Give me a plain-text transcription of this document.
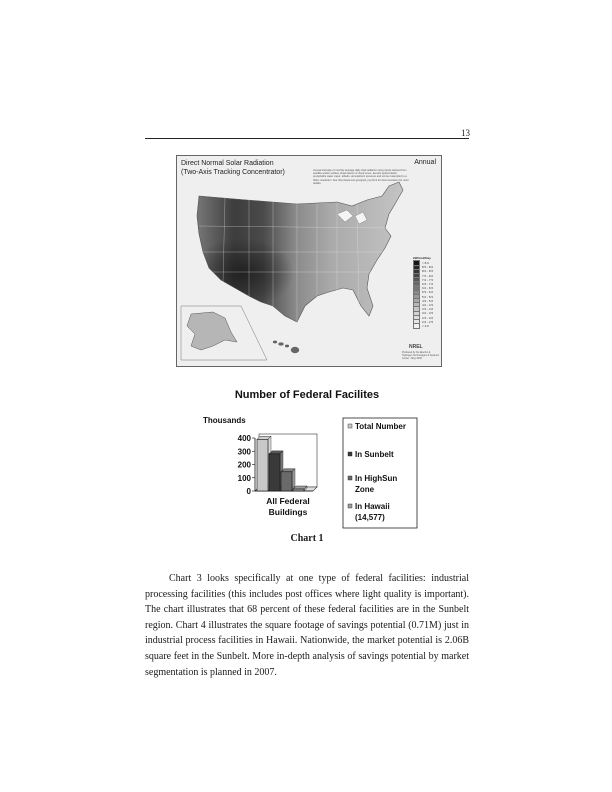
13
Direct Normal Solar Radiation
(Two-Axis Tracking Concentrator)
Annual
Annual estimate of monthly average daily total radiation using inputs derived from satellite and/or surface observations of cloud cover, aerosol optical depth, precipitable water vapor, albedo, atmospheric pressure and ozone resampled to a 40km resolution. See http://www.nrel.gov/gis/il_csp.html for documentation for more details.
kWh/m2/Day
> 8.0
8.5 - 8.0
8.0 - 8.5
7.5 - 8.0
7.0 - 7.5
6.5 - 7.0
6.0 - 6.5
5.5 - 6.0
5.0 - 5.5
4.5 - 5.0
4.0 - 4.5
3.5 - 4.0
3.0 - 3.5
2.5 - 3.0
2.0 - 2.5
< 2.0
NREL
Produced by the Electric & Hydrogen Technologies & Systems Center - May 2008
Number of Federal Facilites
Thousands
0
100
200
300
400
All Federal
Buildings
Total Number
In Sunbelt
In HighSun
Zone
In Hawaii
(14,577)
Chart 1

Chart 3 looks specifically at one type of federal facilities: industrial processing facilities (this includes post offices where light quality is important). The chart illustrates that 68 percent of these federal facilities are in the Sunbelt region. Chart 4 illustrates the square footage of savings potential (0.71M) just in industrial process facilities in Hawaii. Nationwide, the market potential is 2.06B square feet in the Sunbelt. More in-depth analysis of savings potential by market segmentation is planned in 2007.
